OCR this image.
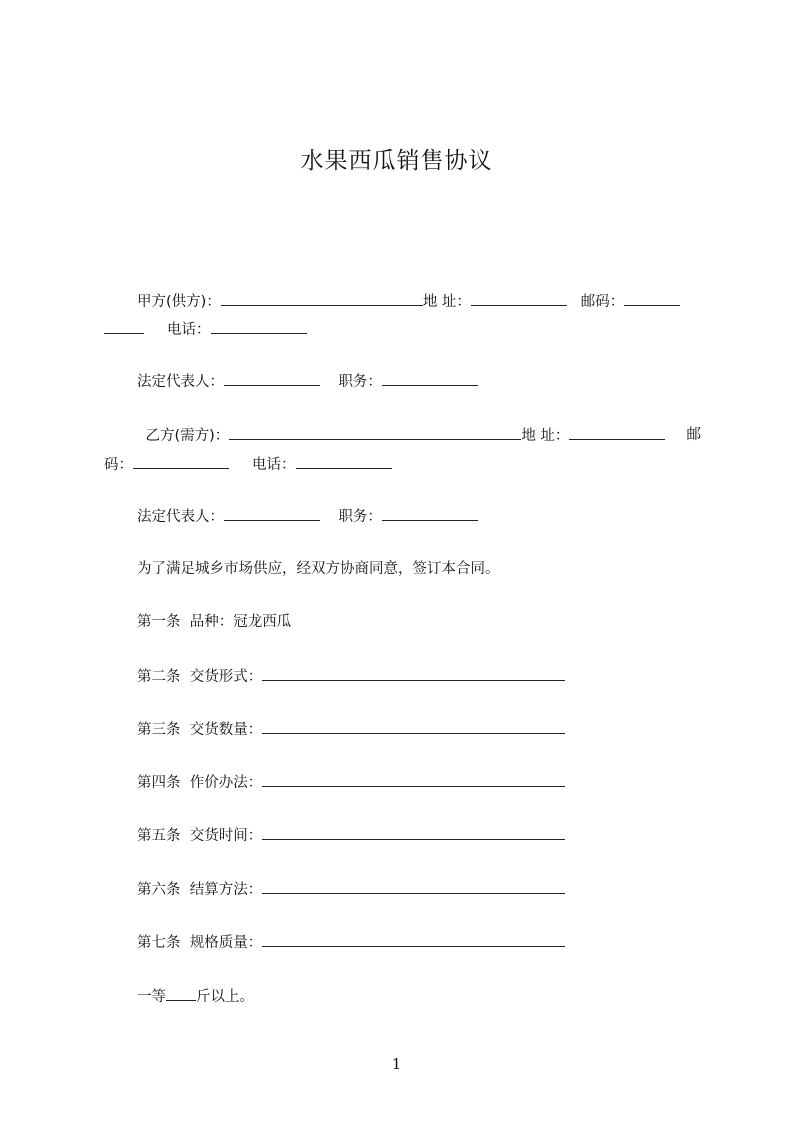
水果西瓜销售协议
甲方(供方)：	地 址：	邮码：
电话：
法定代表人：	职务：
乙方(需方)：	地 址：	邮
码：	电话：
法定代表人：	职务：
为了满足城乡市场供应，经双方协商同意，签订本合同。
第一条 品种：冠龙西瓜
第二条 交货形式：
第三条 交货数量：
第四条 作价办法：
第五条 交货时间：
第六条 结算方法：
第七条 规格质量：
一等 斤以上。
1
